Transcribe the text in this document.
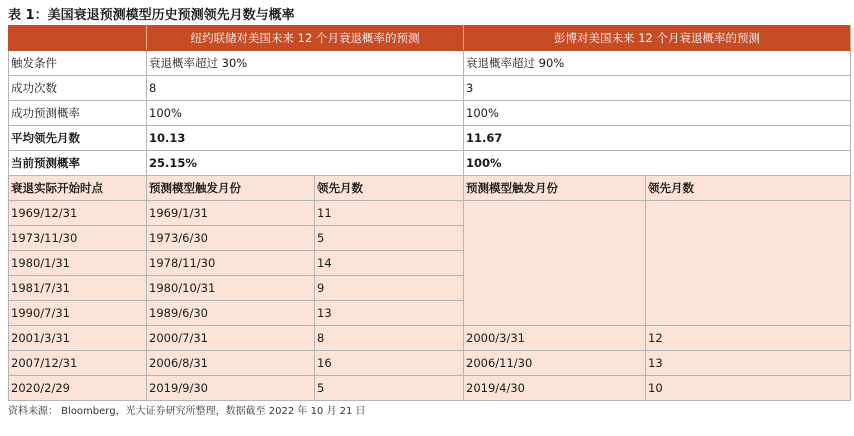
表 1：美国衰退预测模型历史预测领先月数与概率
	纽约联储对美国未来 12 个月衰退概率的预测		彭博对美国未来 12 个月衰退概率的预测	
触发条件	衰退概率超过 30%		衰退概率超过 90%	
成功次数	8		3	
成功预测概率	100%		100%	
平均领先月数	10.13		11.67	
当前预测概率	25.15%		100%	
衰退实际开始时点	预测模型触发月份	领先月数	预测模型触发月份	领先月数
1969/12/31	1969/1/31	11		
1973/11/30	1973/6/30	5		
1980/1/31	1978/11/30	14		
1981/7/31	1980/10/31	9		
1990/7/31	1989/6/30	13		
2001/3/31	2000/7/31	8	2000/3/31	12
2007/12/31	2006/8/31	16	2006/11/30	13
2020/2/29	2019/9/30	5	2019/4/30	10
资料来源： Bloomberg，光大证券研究所整理，数据截至 2022 年 10 月 21 日
